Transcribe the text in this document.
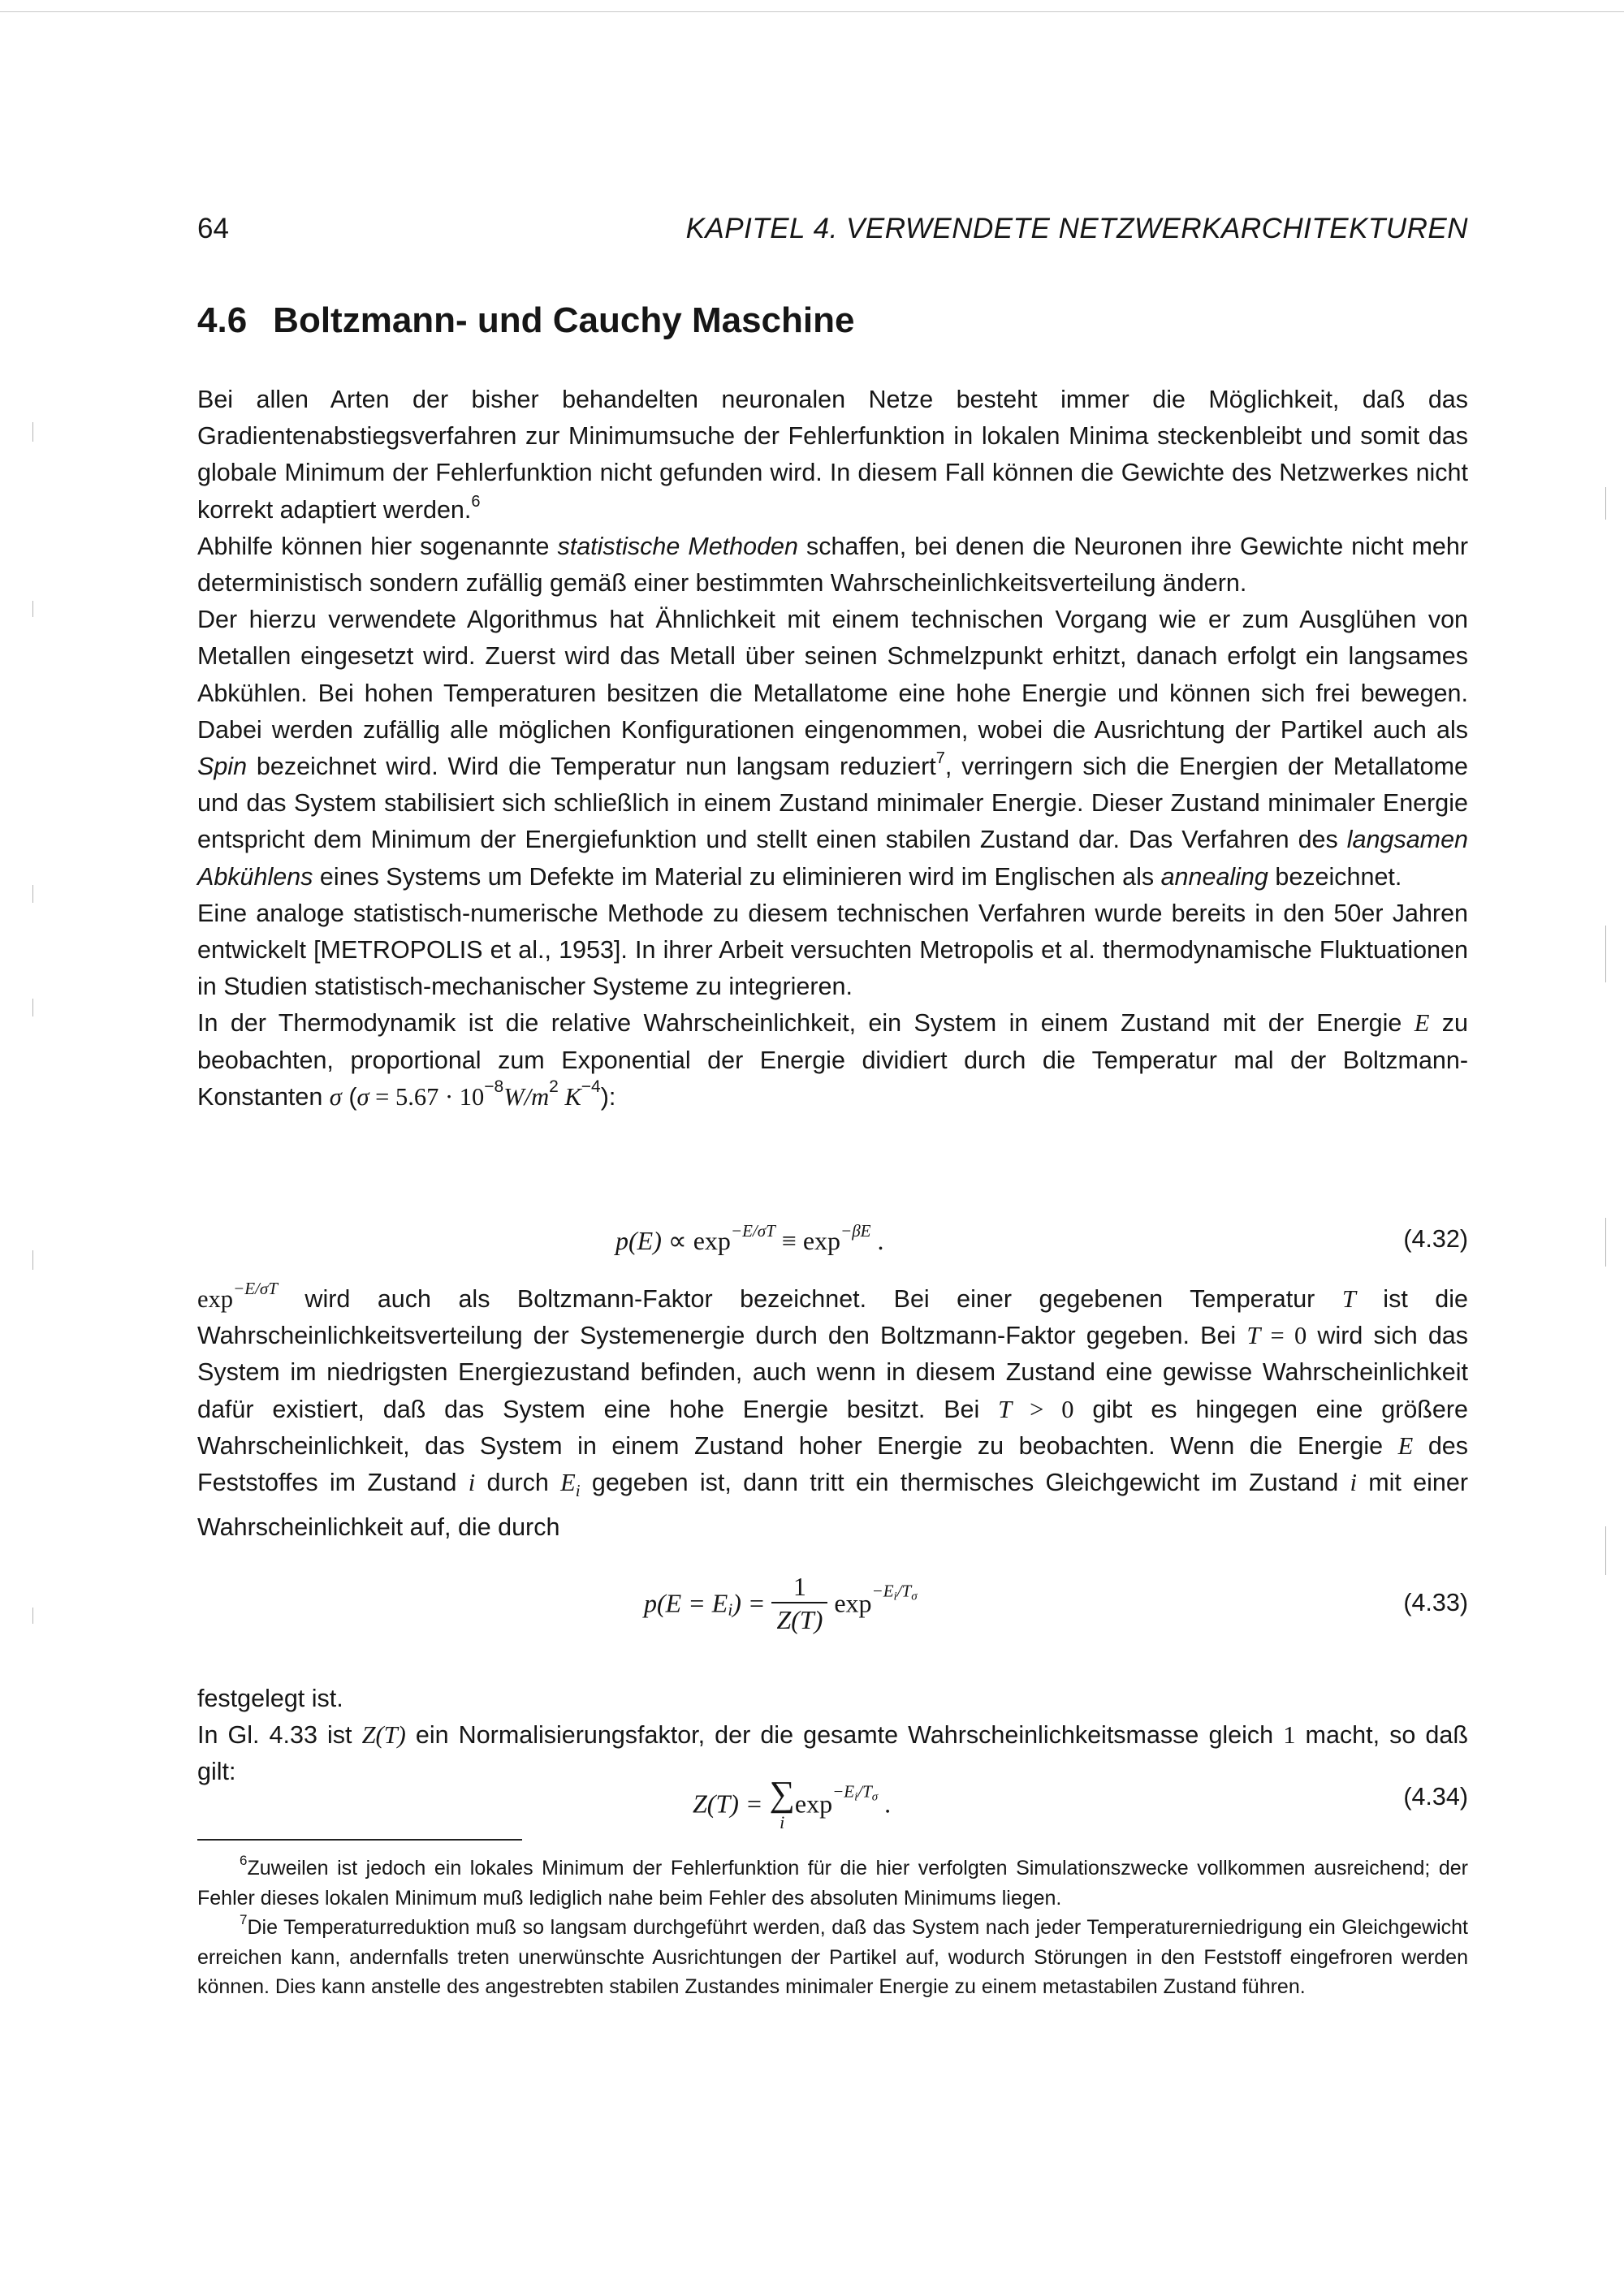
64	KAPITEL 4. VERWENDETE NETZWERKARCHITEKTUREN
4.6 Boltzmann- und Cauchy Maschine

Bei allen Arten der bisher behandelten neuronalen Netze besteht immer die Möglichkeit, daß das Gradientenabstiegsverfahren zur Minimumsuche der Fehlerfunktion in lokalen Minima steckenbleibt und somit das globale Minimum der Fehlerfunktion nicht gefunden wird. In diesem Fall können die Gewichte des Netzwerkes nicht korrekt adaptiert werden.$^6$

Abhilfe können hier sogenannte statistische Methoden schaffen, bei denen die Neuronen ihre Gewichte nicht mehr deterministisch sondern zufällig gemäß einer bestimmten Wahrscheinlichkeitsverteilung ändern.

Der hierzu verwendete Algorithmus hat Ähnlichkeit mit einem technischen Vorgang wie er zum Ausglühen von Metallen eingesetzt wird. Zuerst wird das Metall über seinen Schmelzpunkt erhitzt, danach erfolgt ein langsames Abkühlen. Bei hohen Temperaturen besitzen die Metallatome eine hohe Energie und können sich frei bewegen. Dabei werden zufällig alle möglichen Konfigurationen eingenommen, wobei die Ausrichtung der Partikel auch als Spin bezeichnet wird. Wird die Temperatur nun langsam reduziert$^7$, verringern sich die Energien der Metallatome und das System stabilisiert sich schließlich in einem Zustand minimaler Energie. Dieser Zustand minimaler Energie entspricht dem Minimum der Energiefunktion und stellt einen stabilen Zustand dar. Das Verfahren des langsamen Abkühlens eines Systems um Defekte im Material zu eliminieren wird im Englischen als annealing bezeichnet.

Eine analoge statistisch-numerische Methode zu diesem technischen Verfahren wurde bereits in den 50er Jahren entwickelt [METROPOLIS et al., 1953]. In ihrer Arbeit versuchten Metropolis et al. thermodynamische Fluktuationen in Studien statistisch-mechanischer Systeme zu integrieren.

In der Thermodynamik ist die relative Wahrscheinlichkeit, ein System in einem Zustand mit der Energie E zu beobachten, proportional zum Exponential der Energie dividiert durch die Temperatur mal der Boltzmann-Konstanten σ ($\sigma = 5.67 \cdot 10^{-8}W/m^2$ $K^{-4}$):

$p(E) \propto \exp^{-E/\sigma T} \equiv \exp^{-\beta E}$ .	(4.32)

$\exp^{-E/\sigma T}$ wird auch als Boltzmann-Faktor bezeichnet. Bei einer gegebenen Temperatur T ist die Wahrscheinlichkeitsverteilung der Systemenergie durch den Boltzmann-Faktor gegeben. Bei T = 0 wird sich das System im niedrigsten Energiezustand befinden, auch wenn in diesem Zustand eine gewisse Wahrscheinlichkeit dafür existiert, daß das System eine hohe Energie besitzt. Bei T > 0 gibt es hingegen eine größere Wahrscheinlichkeit, das System in einem Zustand hoher Energie zu beobachten. Wenn die Energie E des Feststoffes im Zustand i durch $E_i$ gegeben ist, dann tritt ein thermisches Gleichgewicht im Zustand i mit einer Wahrscheinlichkeit auf, die durch

$p(E = E_i) = \frac{1}{Z(T)} \exp^{-E}_i^{/T}_\sigma$	(4.33)

festgelegt ist.

In Gl. 4.33 ist Z(T) ein Normalisierungsfaktor, der die gesamte Wahrscheinlichkeitsmasse gleich 1 macht, so daß gilt:

Z(T) = ∑
i
$\exp^{-E}_i^{/T}_\sigma$ .	(4.34)

$^6$Zuweilen ist jedoch ein lokales Minimum der Fehlerfunktion für die hier verfolgten Simulationszwecke vollkommen ausreichend; der Fehler dieses lokalen Minimum muß lediglich nahe beim Fehler des absoluten Minimums liegen.

$^7$Die Temperaturreduktion muß so langsam durchgeführt werden, daß das System nach jeder Temperaturerniedrigung ein Gleichgewicht erreichen kann, andernfalls treten unerwünschte Ausrichtungen der Partikel auf, wodurch Störungen in den Feststoff eingefroren werden können. Dies kann anstelle des angestrebten stabilen Zustandes minimaler Energie zu einem metastabilen Zustand führen.
